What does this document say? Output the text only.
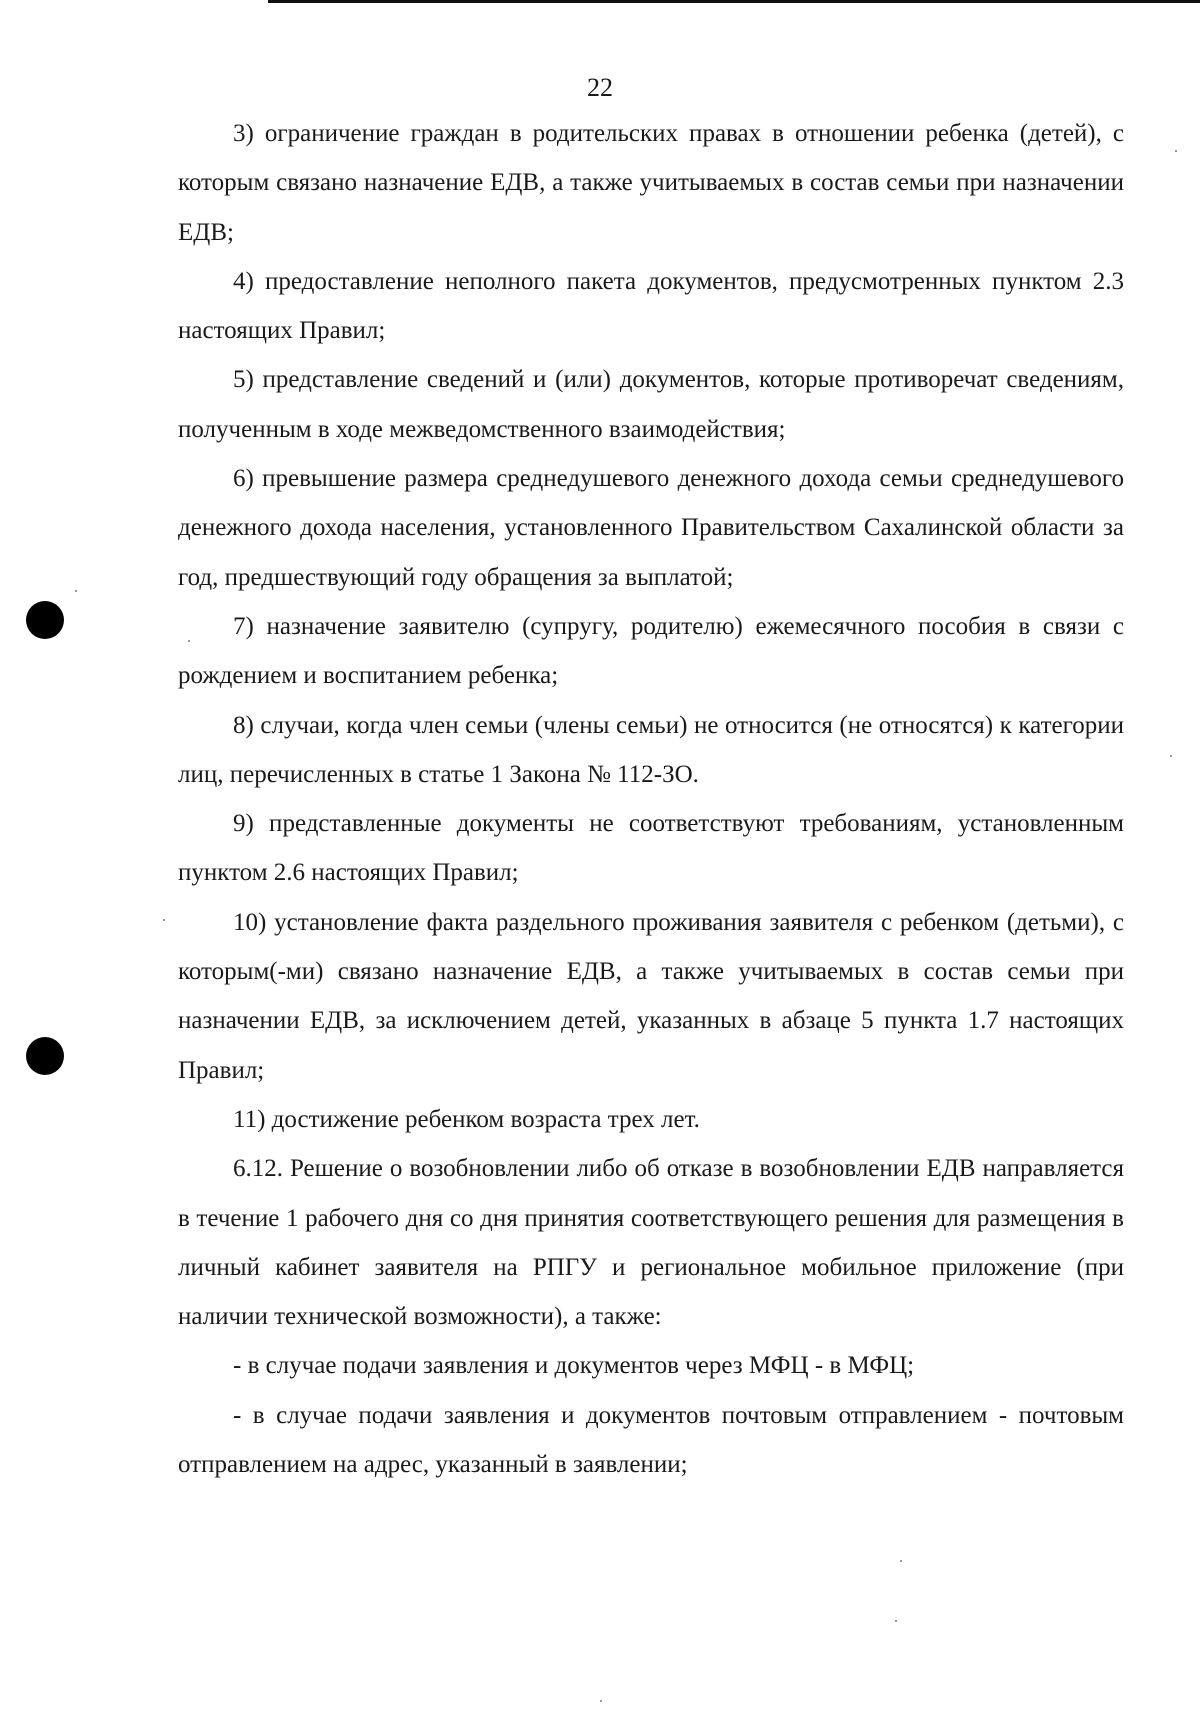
22

3) ограничение граждан в родительских правах в отношении ребенка (детей), с которым связано назначение ЕДВ, а также учитываемых в состав семьи при назначении ЕДВ;

4) предоставление неполного пакета документов, предусмотренных пунктом 2.3 настоящих Правил;

5) представление сведений и (или) документов, которые противоречат сведениям, полученным в ходе межведомственного взаимодействия;

6) превышение размера среднедушевого денежного дохода семьи среднедушевого денежного дохода населения, установленного Правительством Сахалинской области за год, предшествующий году обращения за выплатой;

7) назначение заявителю (супругу, родителю) ежемесячного пособия в связи с рождением и воспитанием ребенка;

8) случаи, когда член семьи (члены семьи) не относится (не относятся) к категории лиц, перечисленных в статье 1 Закона № 112-ЗО.

9) представленные документы не соответствуют требованиям, установленным пунктом 2.6 настоящих Правил;

10) установление факта раздельного проживания заявителя с ребенком (детьми), с которым(-ми) связано назначение ЕДВ, а также учитываемых в состав семьи при назначении ЕДВ, за исключением детей, указанных в абзаце 5 пункта 1.7 настоящих Правил;

11) достижение ребенком возраста трех лет.

6.12. Решение о возобновлении либо об отказе в возобновлении ЕДВ направляется в течение 1 рабочего дня со дня принятия соответствующего решения для размещения в личный кабинет заявителя на РПГУ и региональное мобильное приложение (при наличии технической возможности), а также:

- в случае подачи заявления и документов через МФЦ - в МФЦ;

- в случае подачи заявления и документов почтовым отправлением - почтовым отправлением на адрес, указанный в заявлении;
